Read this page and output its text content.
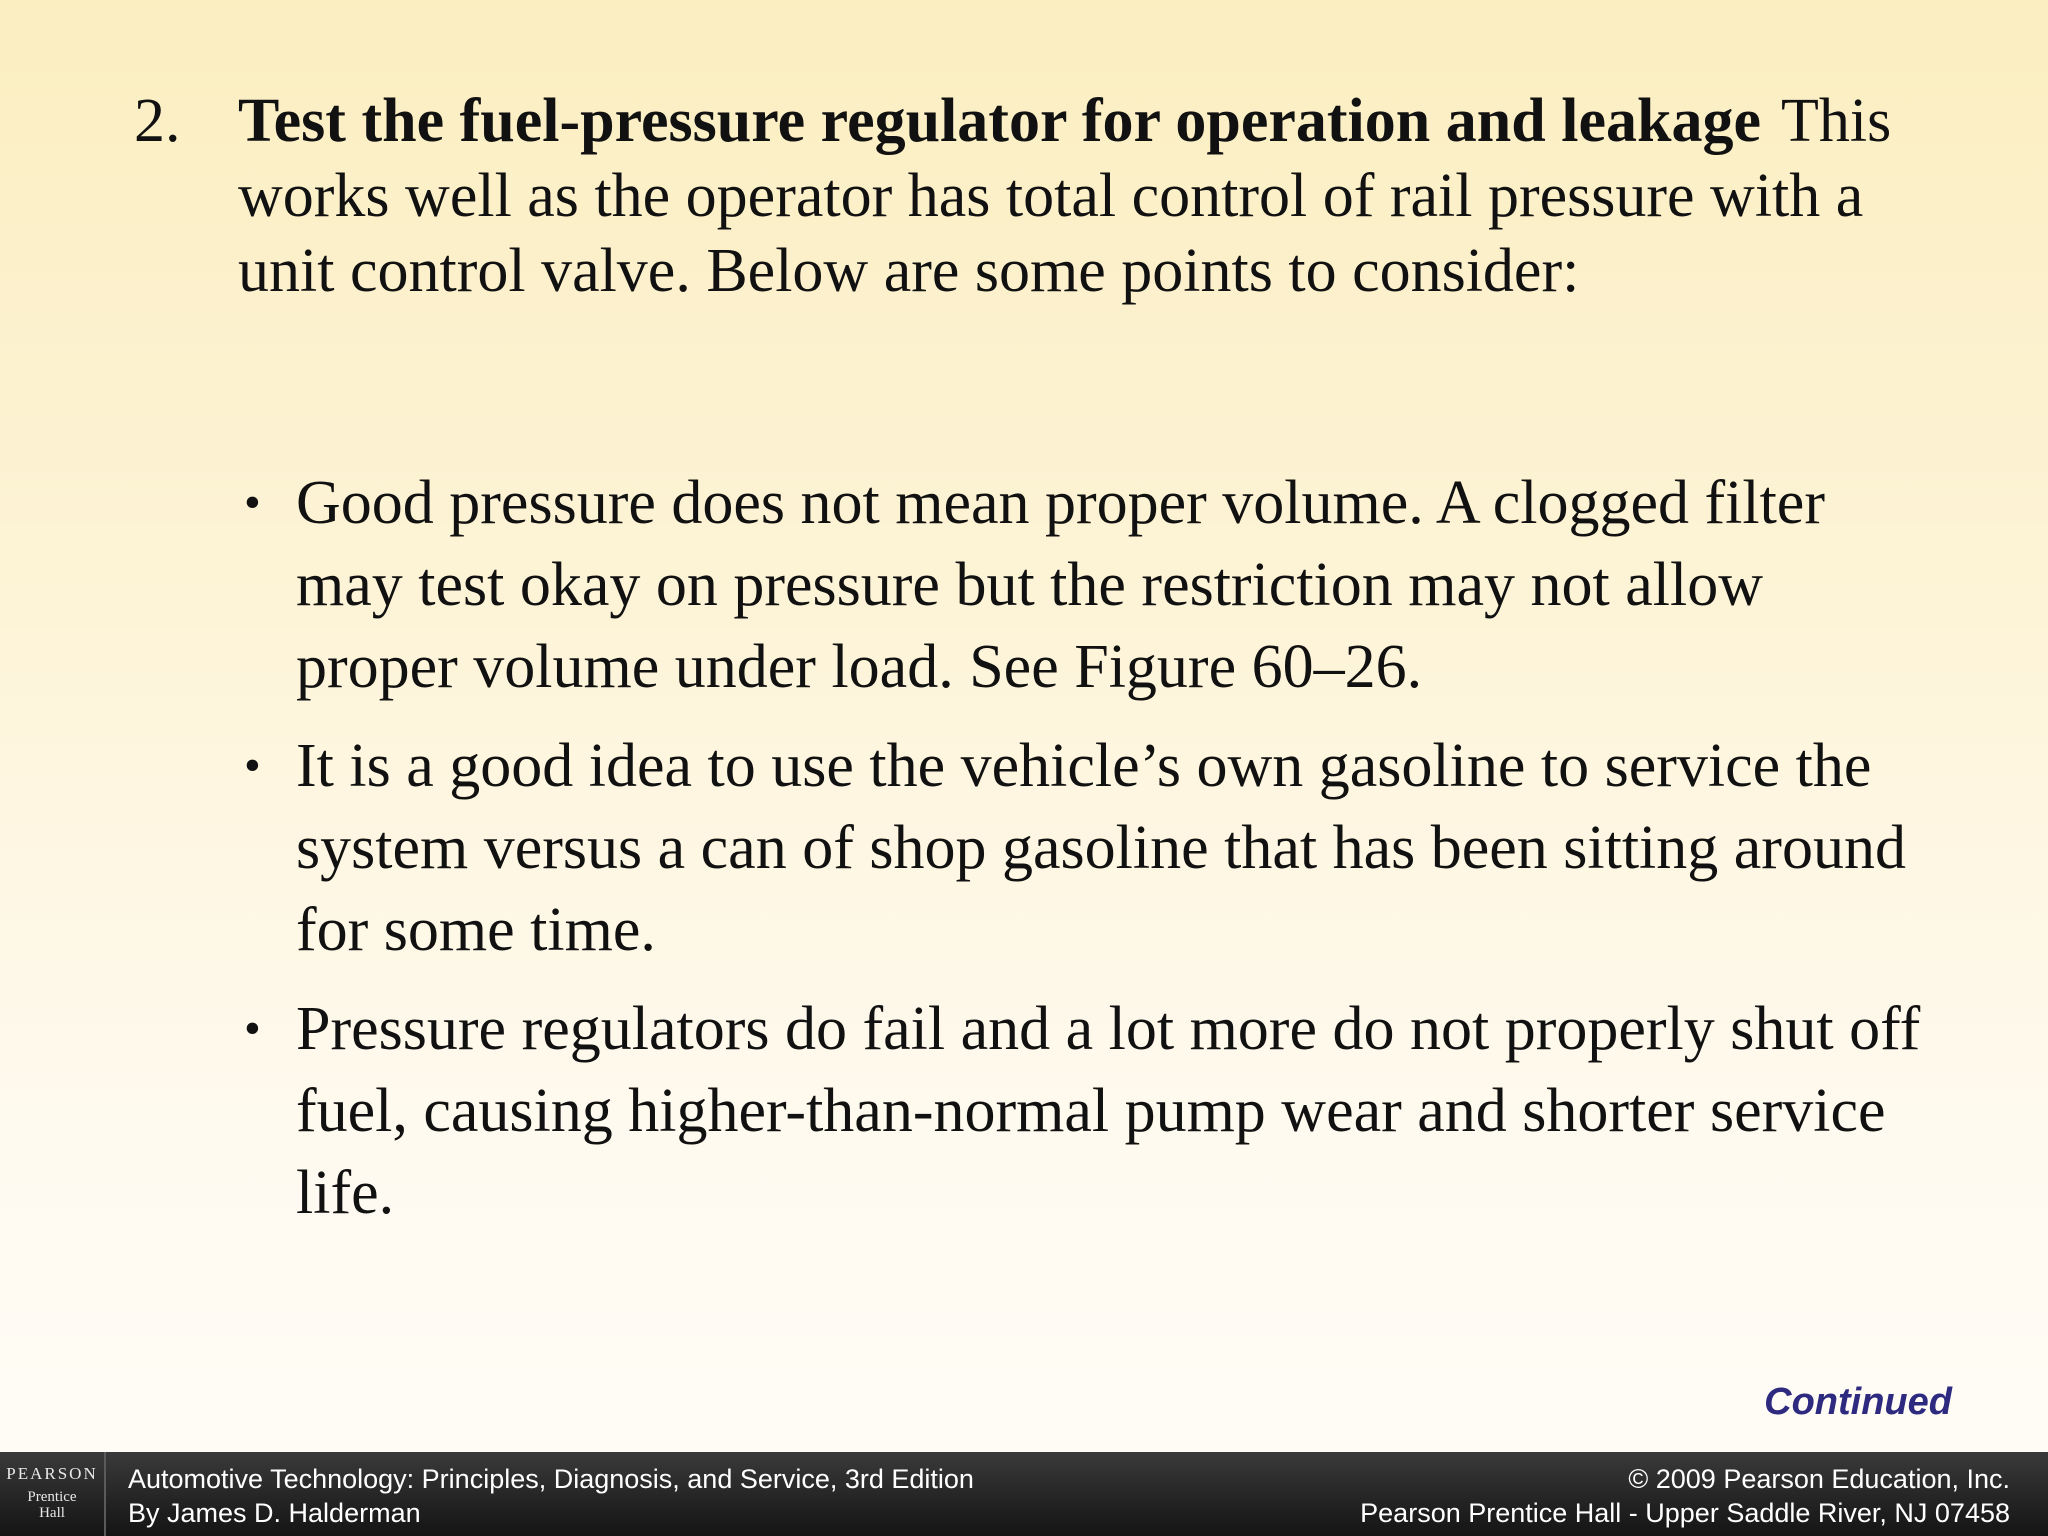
2. Test the fuel-pressure regulator for operation and leakage This works well as the operator has total control of rail pressure with a unit control valve. Below are some points to consider:
• Good pressure does not mean proper volume. A clogged filter may test okay on pressure but the restriction may not allow proper volume under load. See Figure 60–26.
• It is a good idea to use the vehicle’s own gasoline to service the system versus a can of shop gasoline that has been sitting around for some time.
• Pressure regulators do fail and a lot more do not properly shut off fuel, causing higher-than-normal pump wear and shorter service life.
Continued
PEARSON
Prentice
Hall
Automotive Technology: Principles, Diagnosis, and Service, 3rd Edition
By James D. Halderman
© 2009 Pearson Education, Inc.
Pearson Prentice Hall - Upper Saddle River, NJ 07458
